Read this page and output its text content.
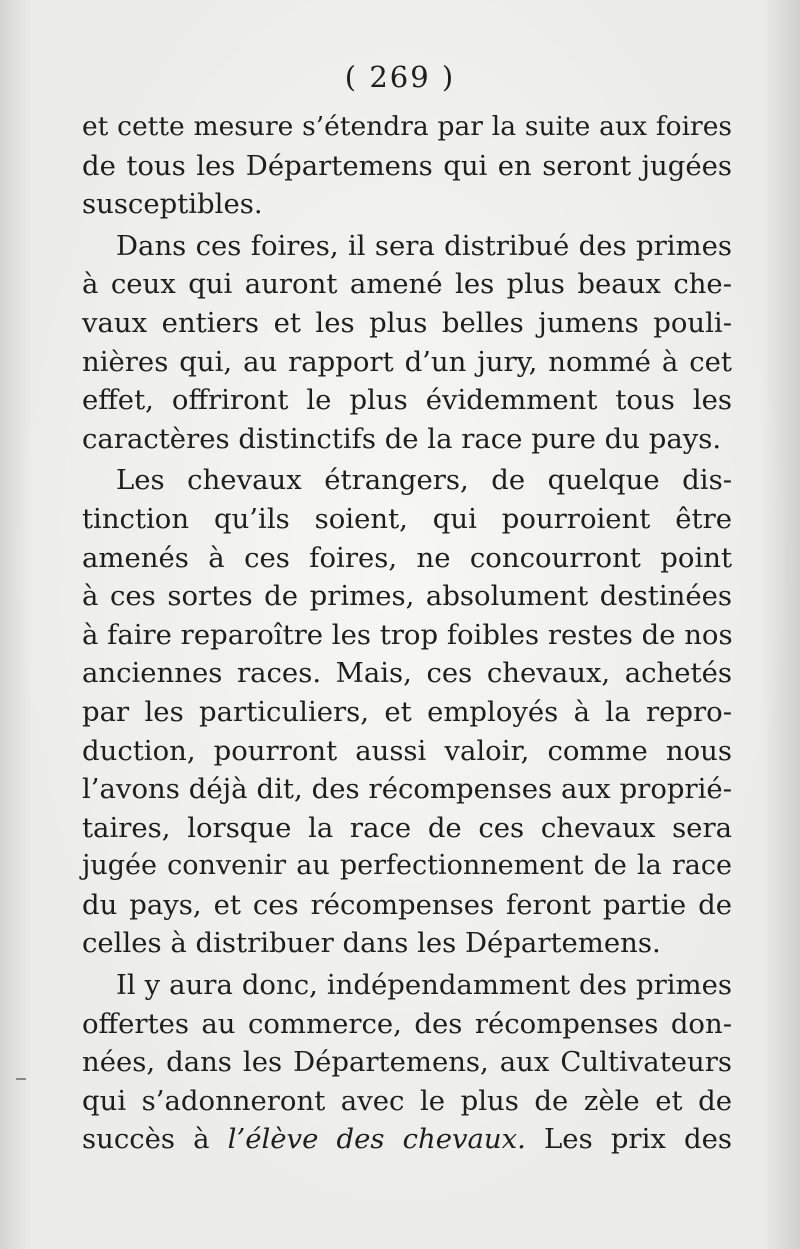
( 269 )
et cette mesure s’étendra par la suite aux foires
de tous les Départemens qui en seront jugées
susceptibles.
Dans ces foires, il sera distribué des primes
à ceux qui auront amené les plus beaux che-
vaux entiers et les plus belles jumens pouli-
nières qui, au rapport d’un jury, nommé à cet
effet, offriront le plus évidemment tous les
caractères distinctifs de la race pure du pays.
Les chevaux étrangers, de quelque dis-
tinction qu’ils soient, qui pourroient être
amenés à ces foires, ne concourront point
à ces sortes de primes, absolument destinées
à faire reparoître les trop foibles restes de nos
anciennes races. Mais, ces chevaux, achetés
par les particuliers, et employés à la repro-
duction, pourront aussi valoir, comme nous
l’avons déjà dit, des récompenses aux proprié-
taires, lorsque la race de ces chevaux sera
jugée convenir au perfectionnement de la race
du pays, et ces récompenses feront partie de
celles à distribuer dans les Départemens.
Il y aura donc, indépendamment des primes
offertes au commerce, des récompenses don-
nées, dans les Départemens, aux Cultivateurs
qui s’adonneront avec le plus de zèle et de
succès à l’élève des chevaux. Les prix des
